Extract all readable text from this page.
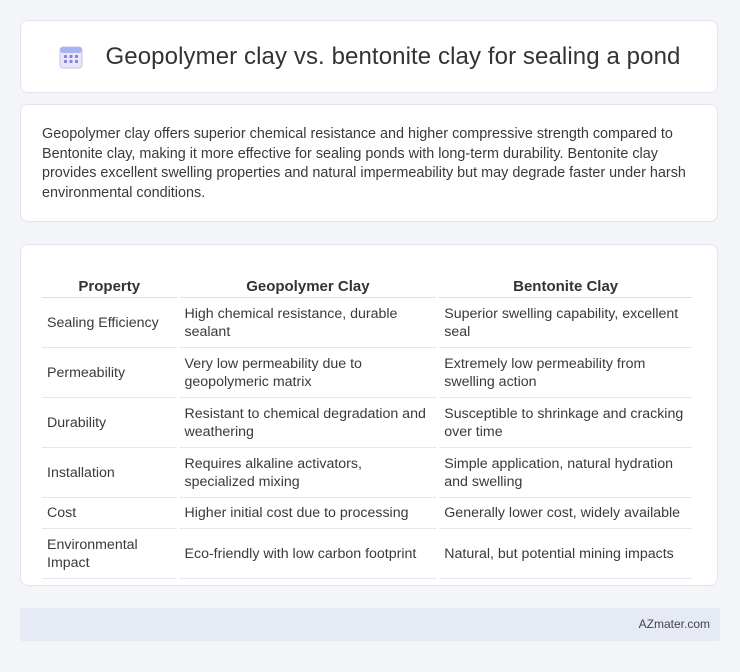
Geopolymer clay vs. bentonite clay for sealing a pond

Geopolymer clay offers superior chemical resistance and higher compressive strength compared to Bentonite clay, making it more effective for sealing ponds with long-term durability. Bentonite clay provides excellent swelling properties and natural impermeability but may degrade faster under harsh environmental conditions.

Property	Geopolymer Clay	Bentonite Clay
Sealing Efficiency	High chemical resistance, durable sealant	Superior swelling capability, excellent seal
Permeability	Very low permeability due to geopolymeric matrix	Extremely low permeability from swelling action
Durability	Resistant to chemical degradation and weathering	Susceptible to shrinkage and cracking over time
Installation	Requires alkaline activators, specialized mixing	Simple application, natural hydration and swelling
Cost	Higher initial cost due to processing	Generally lower cost, widely available
Environmental Impact	Eco-friendly with low carbon footprint	Natural, but potential mining impacts
AZmater.com
